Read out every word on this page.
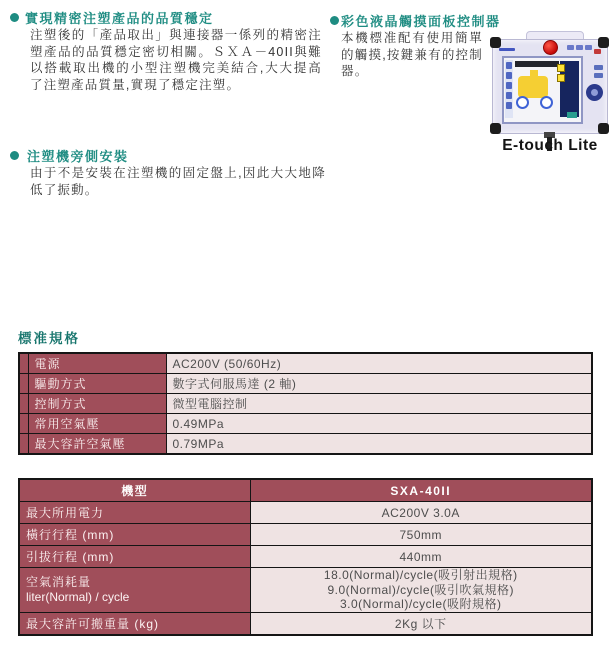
實現精密注塑產品的品質穩定
注塑後的「產品取出」與連接器一係列的精密注塑產品的品質穩定密切相關。ＳＸＡ－40II與難以搭載取出機的小型注塑機完美結合,大大提高了注塑產品質量,實現了穩定注塑。
注塑機旁側安裝
由于不是安裝在注塑機的固定盤上,因此大大地降低了振動。
彩色液晶觸摸面板控制器
本機標准配有使用簡單的觸摸,按鍵兼有的控制器。
E-touch Lite
標准規格
	電源	AC200V (50/60Hz)
	驅動方式	數字式伺服馬達 (2 軸)
	控制方式	微型電腦控制
	常用空氣壓	0.49MPa
	最大容許空氣壓	0.79MPa
機型	SXA-40II
最大所用電力	AC200V 3.0A
橫行行程 (mm)	750mm
引拔行程 (mm)	440mm

空氣消耗量
liter(Normal) / cycle	18.0(Normal)/cycle(吸引射出規格)
9.0(Normal)/cycle(吸引吹氣規格)
3.0(Normal)/cycle(吸附規格)

最大容許可搬重量 (kg)	2Kg 以下
